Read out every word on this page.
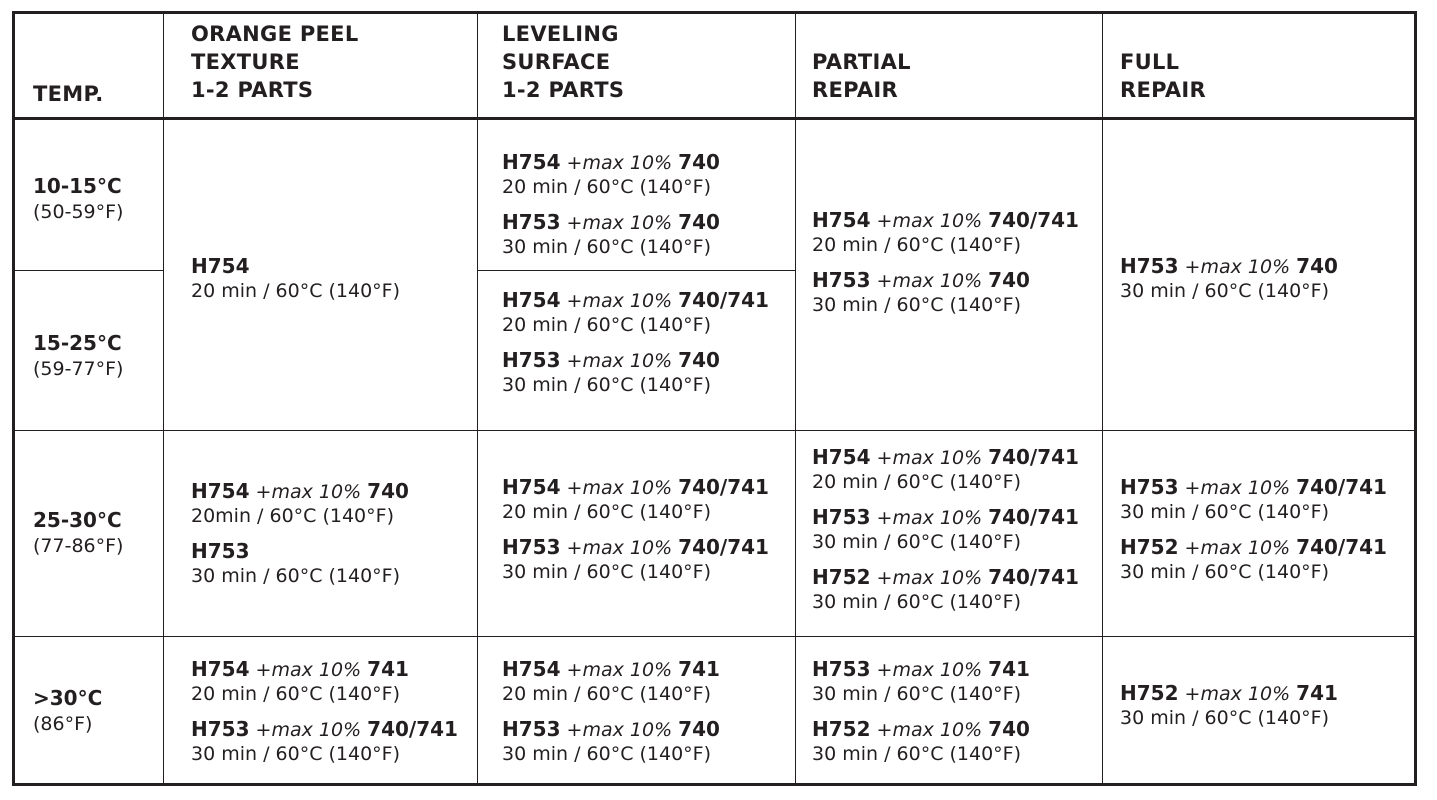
TEMP.
ORANGE PEEL
TEXTURE
1-2 PARTS
LEVELING
SURFACE
1-2 PARTS
PARTIAL
REPAIR
FULL
REPAIR
10-15°C
(50-59°F)
15-25°C
(59-77°F)
25-30°C
(77-86°F)
>30°C
(86°F)
H754
20 min / 60°C (140°F)
H754 +max 10% 740
20 min / 60°C (140°F)
H753 +max 10% 740
30 min / 60°C (140°F)
H754 +max 10% 740/741
20 min / 60°C (140°F)
H753 +max 10% 740
30 min / 60°C (140°F)
H754 +max 10% 740/741
20 min / 60°C (140°F)
H753 +max 10% 740
30 min / 60°C (140°F)
H753 +max 10% 740
30 min / 60°C (140°F)
H754 +max 10% 740
20min / 60°C (140°F)
H753
30 min / 60°C (140°F)
H754 +max 10% 740/741
20 min / 60°C (140°F)
H753 +max 10% 740/741
30 min / 60°C (140°F)
H754 +max 10% 740/741
20 min / 60°C (140°F)
H753 +max 10% 740/741
30 min / 60°C (140°F)
H752 +max 10% 740/741
30 min / 60°C (140°F)
H753 +max 10% 740/741
30 min / 60°C (140°F)
H752 +max 10% 740/741
30 min / 60°C (140°F)
H754 +max 10% 741
20 min / 60°C (140°F)
H753 +max 10% 740/741
30 min / 60°C (140°F)
H754 +max 10% 741
20 min / 60°C (140°F)
H753 +max 10% 740
30 min / 60°C (140°F)
H753 +max 10% 741
30 min / 60°C (140°F)
H752 +max 10% 740
30 min / 60°C (140°F)
H752 +max 10% 741
30 min / 60°C (140°F)
